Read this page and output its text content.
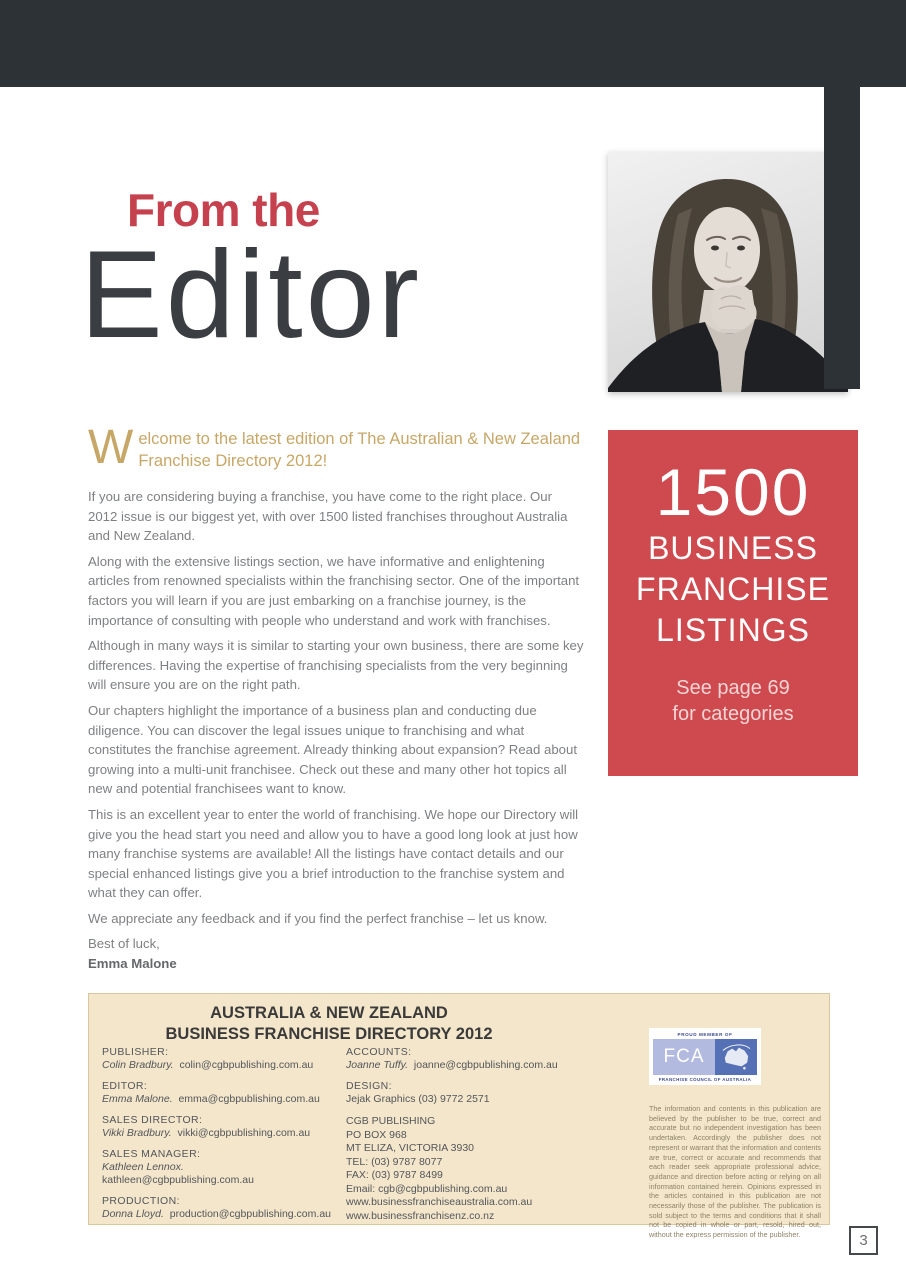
From the
Editor
W elcome to the latest edition of The Australian & New Zealand Franchise Directory 2012!

If you are considering buying a franchise, you have come to the right place. Our 2012 issue is our biggest yet, with over 1500 listed franchises throughout Australia and New Zealand.

Along with the extensive listings section, we have informative and enlightening articles from renowned specialists within the franchising sector. One of the important factors you will learn if you are just embarking on a franchise journey, is the importance of consulting with people who understand and work with franchises.

Although in many ways it is similar to starting your own business, there are some key differences. Having the expertise of franchising specialists from the very beginning will ensure you are on the right path.

Our chapters highlight the importance of a business plan and conducting due diligence. You can discover the legal issues unique to franchising and what constitutes the franchise agreement. Already thinking about expansion? Read about growing into a multi-unit franchisee. Check out these and many other hot topics all new and potential franchisees want to know.

This is an excellent year to enter the world of franchising. We hope our Directory will give you the head start you need and allow you to have a good long look at just how many franchise systems are available! All the listings have contact details and our special enhanced listings give you a brief introduction to the franchise system and what they can offer.

We appreciate any feedback and if you find the perfect franchise – let us know.

Best of luck,
Emma Malone
1500
BUSINESS
FRANCHISE
LISTINGS
See page 69
for categories
AUSTRALIA & NEW ZEALAND
BUSINESS FRANCHISE DIRECTORY 2012
PUBLISHER:
Colin Bradbury. colin@cgbpublishing.com.au
EDITOR:
Emma Malone. emma@cgbpublishing.com.au
SALES DIRECTOR:
Vikki Bradbury. vikki@cgbpublishing.com.au
SALES MANAGER:
Kathleen Lennox.  kathleen@cgbpublishing.com.au
PRODUCTION:
Donna Lloyd. production@cgbpublishing.com.au
ACCOUNTS:
Joanne Tuffy. joanne@cgbpublishing.com.au
DESIGN:
Jejak Graphics (03) 9772 2571
CGB PUBLISHING
PO BOX 968
MT ELIZA, VICTORIA 3930
TEL: (03) 9787 8077
FAX: (03) 9787 8499
Email: cgb@cgbpublishing.com.au
www.businessfranchiseaustralia.com.au
www.businessfranchisenz.co.nz
PROUD MEMBER OF
FCA
FRANCHISE COUNCIL OF AUSTRALIA
The information and contents in this publication are believed by the publisher to be true, correct and accurate but no independent investigation has been undertaken. Accordingly the publisher does not represent or warrant that the information and contents are true, correct or accurate and recommends that each reader seek appropriate professional advice, guidance and direction before acting or relying on all information contained herein. Opinions expressed in the articles contained in this publication are not necessarily those of the publisher. The publication is sold subject to the terms and conditions that it shall not be copied in whole or part, resold, hired out, without the express permission of the publisher.	3
